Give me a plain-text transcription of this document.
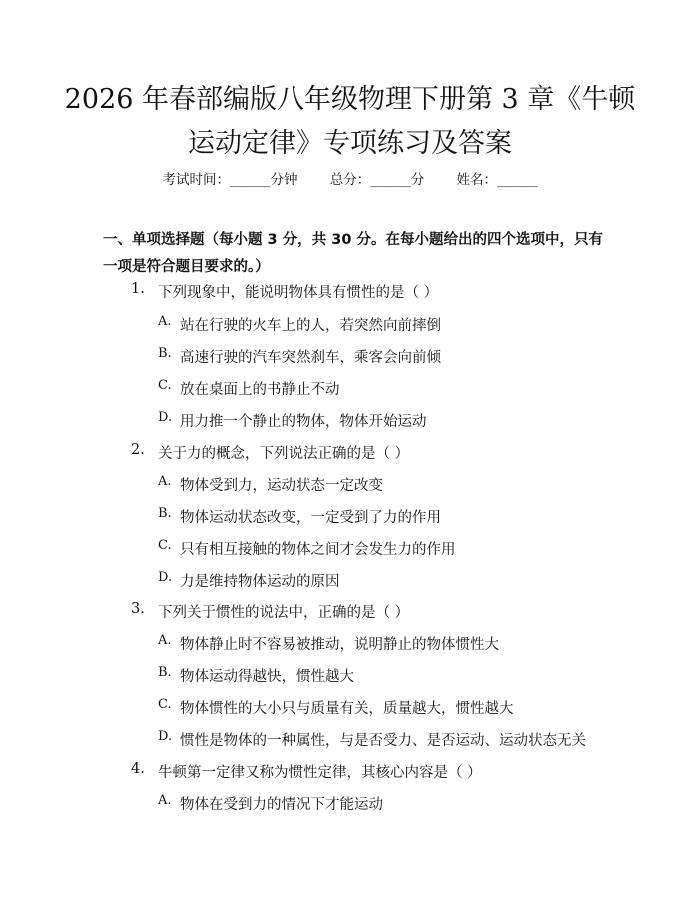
2026 年春部编版八年级物理下册第 3 章《牛顿运动定律》专项练习及答案
考试时间：______分钟 总分：______分 姓名：______
一、单项选择题（每小题 3 分，共 30 分。在每小题给出的四个选项中，只有一项是符合题目要求的。）
1. 下列现象中，能说明物体具有惯性的是（ ）
A. 站在行驶的火车上的人，若突然向前摔倒
B. 高速行驶的汽车突然刹车，乘客会向前倾
C. 放在桌面上的书静止不动
D. 用力推一个静止的物体，物体开始运动
2. 关于力的概念，下列说法正确的是（ ）
A. 物体受到力，运动状态一定改变
B. 物体运动状态改变，一定受到了力的作用
C. 只有相互接触的物体之间才会发生力的作用
D. 力是维持物体运动的原因
3. 下列关于惯性的说法中，正确的是（ ）
A. 物体静止时不容易被推动，说明静止的物体惯性大
B. 物体运动得越快，惯性越大
C. 物体惯性的大小只与质量有关，质量越大，惯性越大
D. 惯性是物体的一种属性，与是否受力、是否运动、运动状态无关
4. 牛顿第一定律又称为惯性定律，其核心内容是（ ）
A. 物体在受到力的情况下才能运动
